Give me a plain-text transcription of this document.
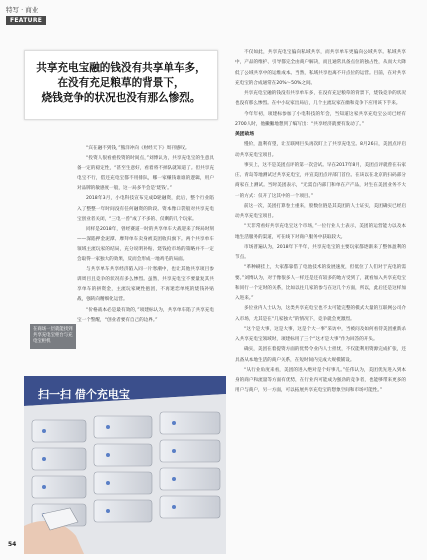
特写 · 商业
FEATURE
共享充电宝融的钱没有共享单车多，
在没有充足粮草的背景下，
烧钱竞争的状况也没有那么惨烈。

“宾在融不到钱，”熊洋冲向《财经天下》周刊感叹。

“投资人很看重投资的时间点，”刘博认为，共享充电宝的生意具备一定的稳定性，“甚至生意好，看着将不掉队就知道了。但共享充电宝不行，借还充电宝都不用排队，哪一家赚钱谁谁的逻辑，用户对品牌的敏感度一般，这一局多半会是‘烧钱’。”

2018年3月，小电科技宣布完成D轮融资，此后，整个行业陷入了整整一年时间没有任何融资的阶段。资本像口袋般对共享充电宝创业者关闭，“三电一兽”成了不多的、仅剩的几个玩家。

同样是2018年，曾经赛道一时的共享单车大战迎来了终局时刻——深陷押金泥潭、摩拜单车卖身被美团收归旗下。两个共享单车领域主流玩家的结局，充分说明补贴、烧钱抢市场的策略并不一定会取得一家独大的效果，反而会形成一地鸡毛的局面。

与共享单车共享经济陷入同一片寒潮中，也让其他共享项目参训周目且竞争的状况有多么惨烈。虽然，共享充电宝不要量复其共享单车的拼资金，主流玩家硬性抱团，不再迷恋单纯的烧钱补贴战，强转向精细化运营。

“价格战本必是最有效的，”项建标认为，共享单车陷了共享充电宝一个警醒，“创业者要有自己的边界。”

在商场一层就能找到共享充电宝柜台与充电宝柜机
扫一扫 借个充电宝

不仅如此，共享充电宝偏向私域共享，而共享单车更偏向公域共享。私域共享中，产品的维护、引导都完全由商户解决，而且通常具备点位的独占性，从而大大降低了公域共享中的运维成本。当然，私域共享也离不开点位的运营。目前，在对共享充电宝的合成通常在20%～50%之间。

共享充电宝融的钱没有共享单车多，在没有充足粮草的背景下，烧钱竞争的状况也没有那么惨烈。在中小玩家出局后，几个主流玩家在幽和竞争下应用该下手来。

今年年初，项建标参加了小电科技的年会，当知道这家共享充电宝公司已经有2700人时，他撇撇地想到了编写出：“共享经济就要有发动了。”

美团故场

慢价，盈利有望，让互联网巨头再次盯上了共享充电宝。8月26日，美团点评启动共享充电宝项目。

事实上，这不是美团点评的第一次尝试。早在2017年8月，美团点评就曾在石家庄、青岛等地测试过共享充电宝，并宣美团点评部门首位。在该以在北京的扫码部分商家在上测试。当时美团表示，“无需自内部门和单在产产品，对生在美团业务不大一的方式：仅开了这其中的一个项目。”

前这一次，美团打算卷土重来，股数位链是其美团的人士证实，美团确实已经启动共享充电宝项目。

“天非常看好共享充电宝这个市场，”一位行业人士表示，美团的运营能力以及本地生活服务的渠道，可在线下对商户服务中获取较大。

市场普遍认为，2018年下半年，共享充电宝的主要玩家都逐渐来了整体盈利的节点。

“革种刷挂上，大家都靠借了电池技术的发展速度，但低位了人们对于充电的需要。”刘博认为，对于像很多人一样还是还有较多的地方受到了，就看加入共享充电宝和同行一个定时的关系，比如以往几家的参与在这几个方面，所以，此后还是这样加入进来。”

多位业内人士认为，这类共享充电宝也不太可能完整的模式大量的互联网公司介入市场，尤其是在“几家独大”的情况下，竞争就会更激烈。

“这个是大事，这是大事，这是个大一事”采访中，当被问及如何看待美团重新杀入共享充电宝领域时，项建标用了三个“这才是大事”作为回答的开头。

确实，美团在着提资方面的优势令业内人士担忧，不仅能利用资源完成扩张，还具备从本地生活的商户关系，在短时间内完成大规模铺设。

“从行业角度来看，美团的进入绝对是个好事儿。”任伟认为，美团优先进入到本身的商户和流量等方面有优势，在行业内可能成为强劲的竞争者，也能够带来更多的用户与商户，另一方面，可以拓展共享充电宝的想象空间和市场可能性。”

54
